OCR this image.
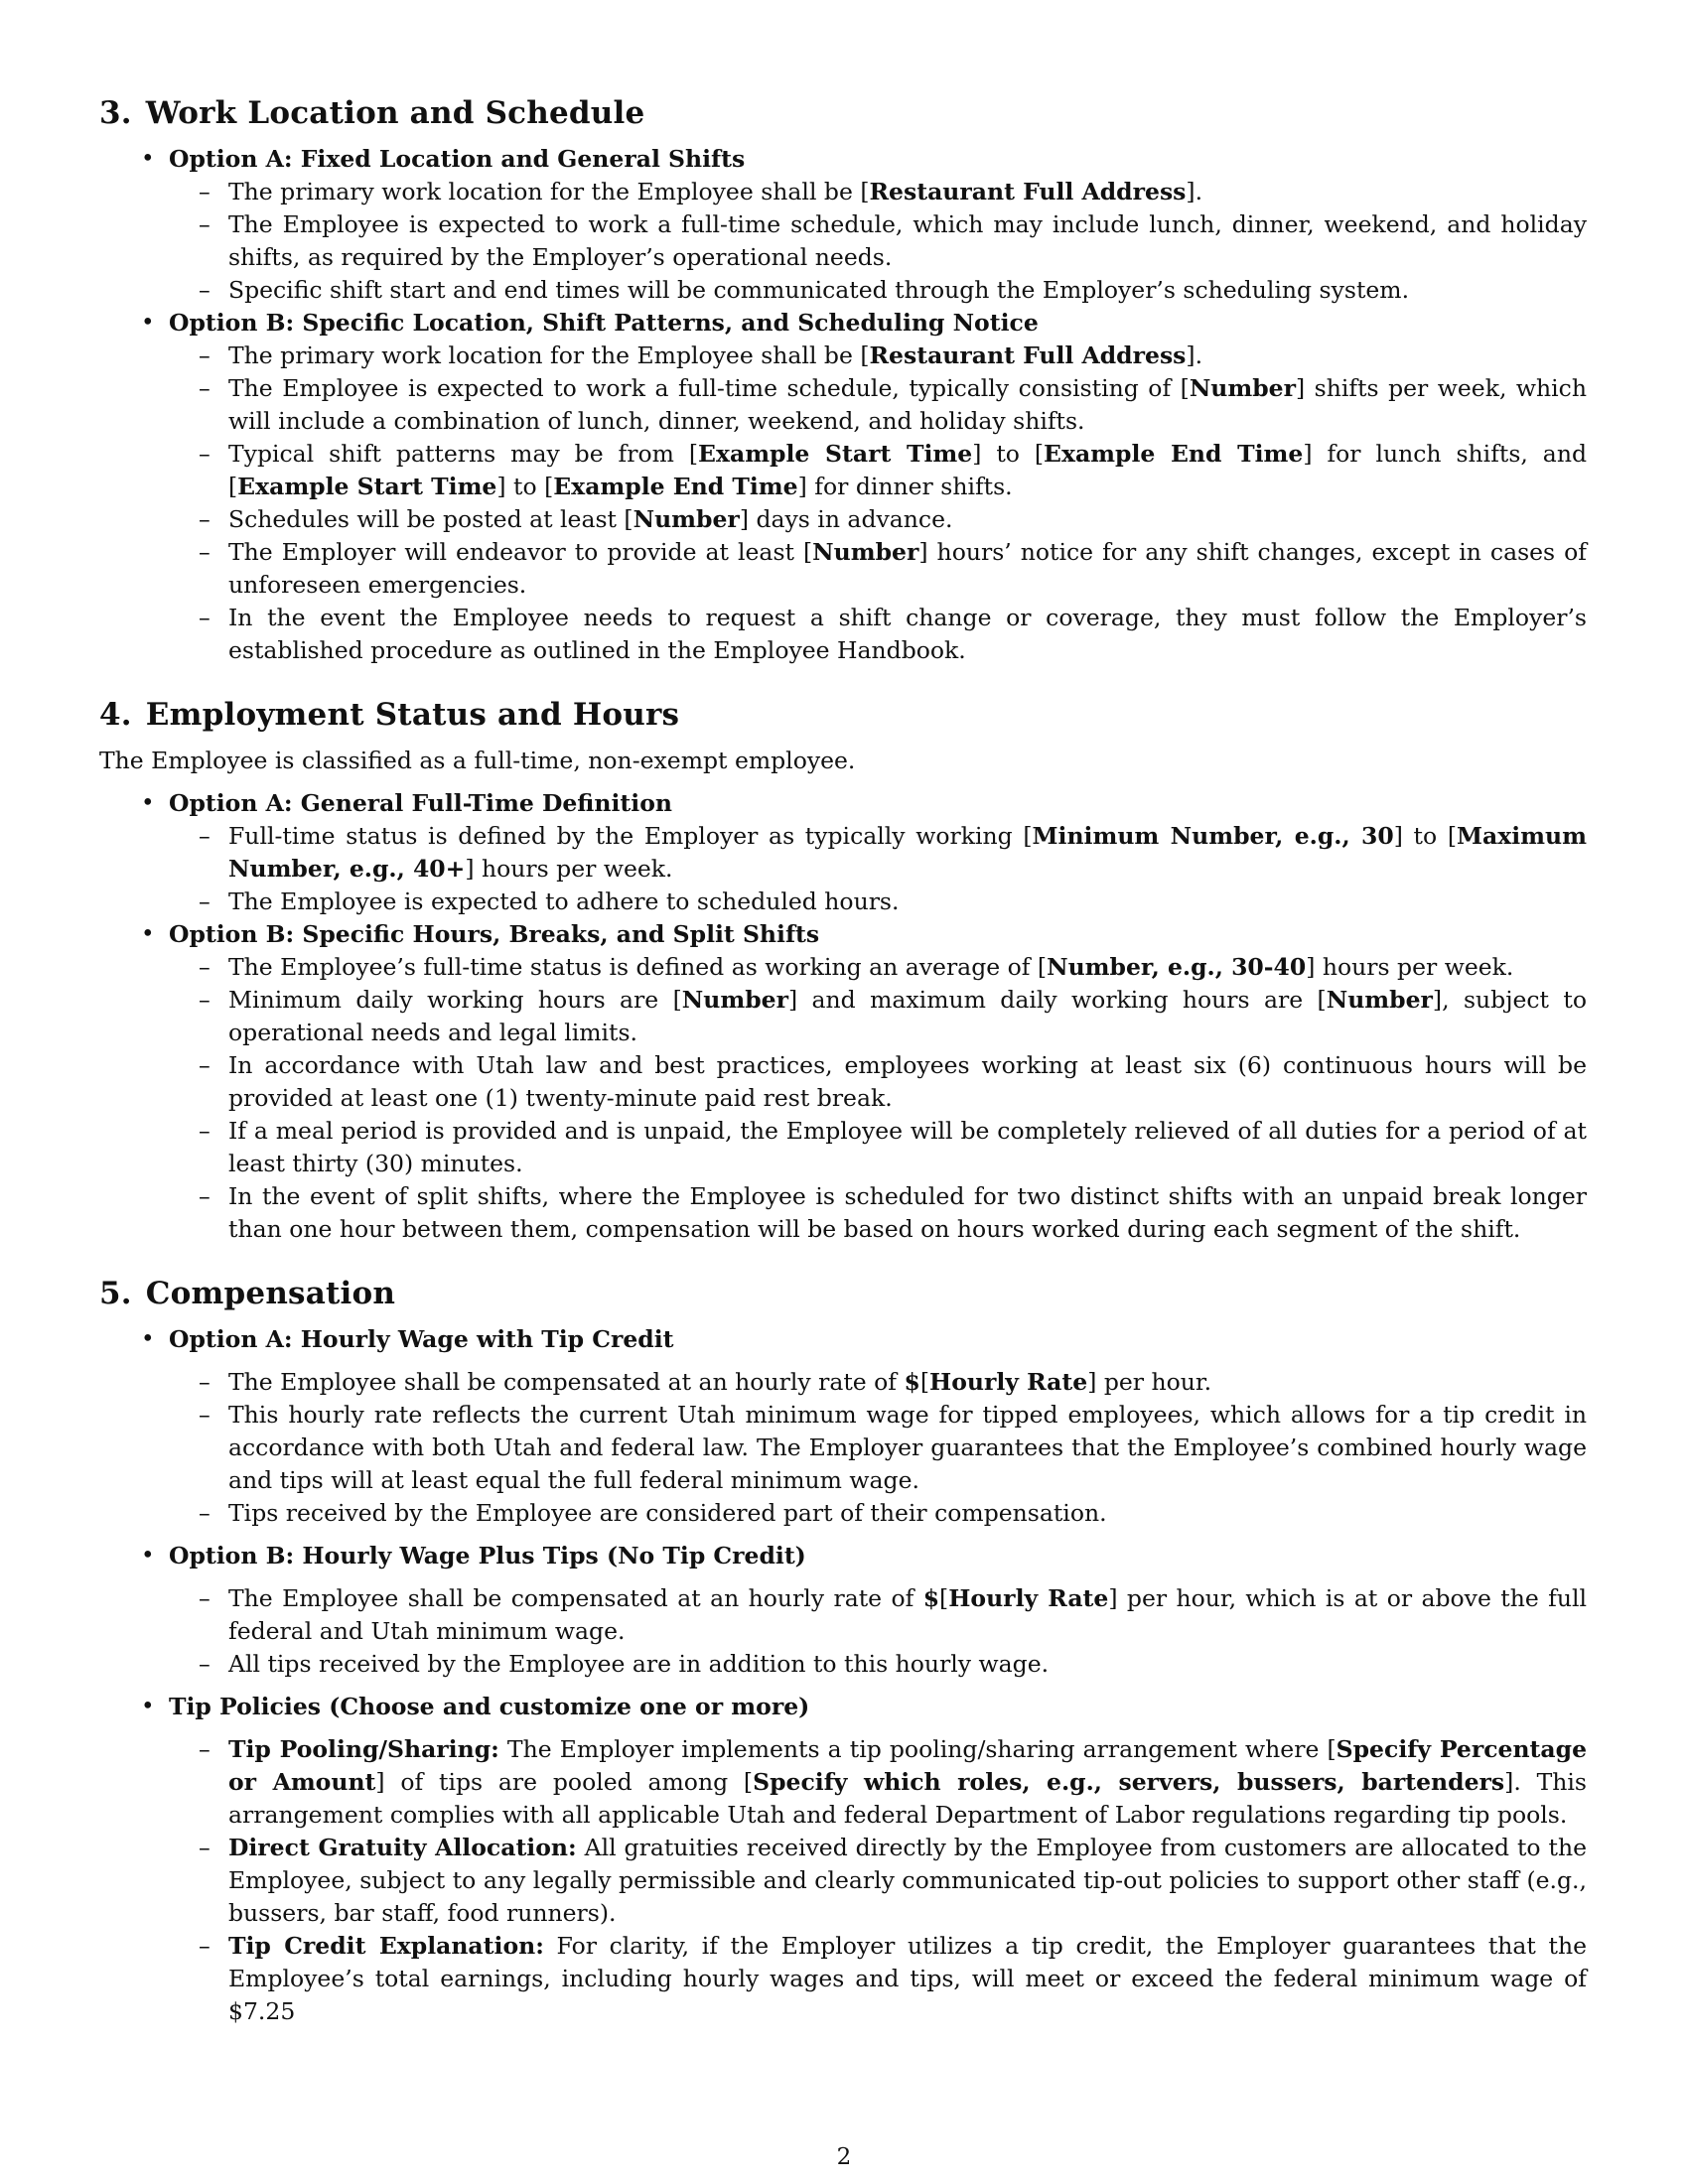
3. Work Location and Schedule
• Option A: Fixed Location and General Shifts
– The primary work location for the Employee shall be [Restaurant Full Address].
– The Employee is expected to work a full-time schedule, which may include lunch, dinner, weekend, and holiday shifts, as required by the Employer’s operational needs.
– Specific shift start and end times will be communicated through the Employer’s scheduling system.
• Option B: Specific Location, Shift Patterns, and Scheduling Notice
– The primary work location for the Employee shall be [Restaurant Full Address].
– The Employee is expected to work a full-time schedule, typically consisting of [Number] shifts per week, which will include a combination of lunch, dinner, weekend, and holiday shifts.
– Typical shift patterns may be from [Example Start Time] to [Example End Time] for lunch shifts, and [Example Start Time] to [Example End Time] for dinner shifts.
– Schedules will be posted at least [Number] days in advance.
– The Employer will endeavor to provide at least [Number] hours’ notice for any shift changes, except in cases of unforeseen emergencies.
– In the event the Employee needs to request a shift change or coverage, they must follow the Employer’s established procedure as outlined in the Employee Handbook.
4. Employment Status and Hours

The Employee is classified as a full-time, non-exempt employee.

• Option A: General Full-Time Definition
– Full-time status is defined by the Employer as typically working [Minimum Number, e.g., 30] to [Maximum Number, e.g., 40+] hours per week.
– The Employee is expected to adhere to scheduled hours.
• Option B: Specific Hours, Breaks, and Split Shifts
– The Employee’s full-time status is defined as working an average of [Number, e.g., 30-40] hours per week.
– Minimum daily working hours are [Number] and maximum daily working hours are [Number], subject to operational needs and legal limits.
– In accordance with Utah law and best practices, employees working at least six (6) continuous hours will be provided at least one (1) twenty-minute paid rest break.
– If a meal period is provided and is unpaid, the Employee will be completely relieved of all duties for a period of at least thirty (30) minutes.
– In the event of split shifts, where the Employee is scheduled for two distinct shifts with an unpaid break longer than one hour between them, compensation will be based on hours worked during each segment of the shift.
5. Compensation
• Option A: Hourly Wage with Tip Credit
– The Employee shall be compensated at an hourly rate of $[Hourly Rate] per hour.
– This hourly rate reflects the current Utah minimum wage for tipped employees, which allows for a tip credit in accordance with both Utah and federal law. The Employer guarantees that the Employee’s combined hourly wage and tips will at least equal the full federal minimum wage.
– Tips received by the Employee are considered part of their compensation.
• Option B: Hourly Wage Plus Tips (No Tip Credit)
– The Employee shall be compensated at an hourly rate of $[Hourly Rate] per hour, which is at or above the full federal and Utah minimum wage.
– All tips received by the Employee are in addition to this hourly wage.
• Tip Policies (Choose and customize one or more)
– Tip Pooling/Sharing: The Employer implements a tip pooling/sharing arrangement where [Specify Percentage or Amount] of tips are pooled among [Specify which roles, e.g., servers, bussers, bartenders]. This arrangement complies with all applicable Utah and federal Department of Labor regulations regarding tip pools.
– Direct Gratuity Allocation: All gratuities received directly by the Employee from customers are allocated to the Employee, subject to any legally permissible and clearly communicated tip-out policies to support other staff (e.g., bussers, bar staff, food runners).
– Tip Credit Explanation: For clarity, if the Employer utilizes a tip credit, the Employer guarantees that the Employee’s total earnings, including hourly wages and tips, will meet or exceed the federal minimum wage of $7.25
2
